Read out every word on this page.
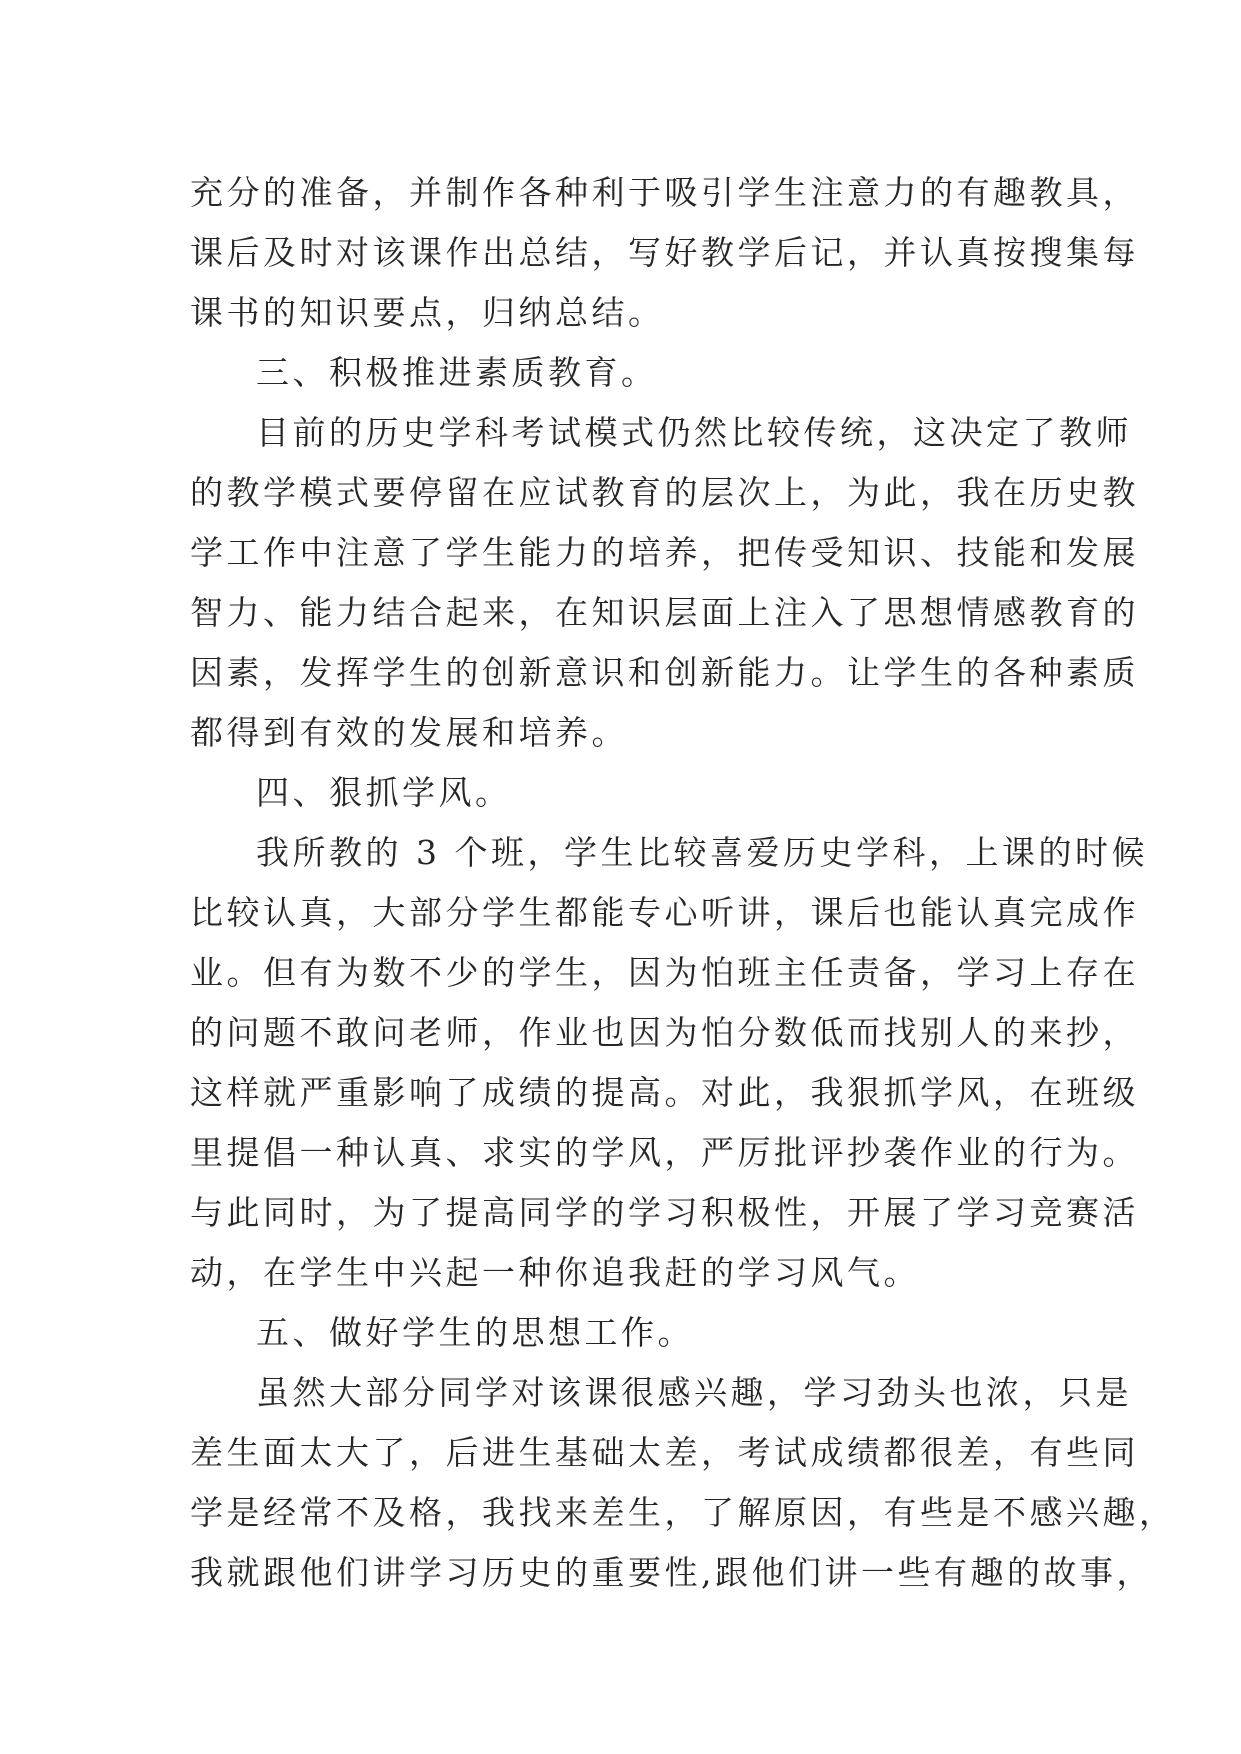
充分的准备，并制作各种利于吸引学生注意力的有趣教具，
课后及时对该课作出总结，写好教学后记，并认真按搜集每
课书的知识要点，归纳总结。
三、积极推进素质教育。
目前的历史学科考试模式仍然比较传统，这决定了教师
的教学模式要停留在应试教育的层次上，为此，我在历史教
学工作中注意了学生能力的培养，把传受知识、技能和发展
智力、能力结合起来，在知识层面上注入了思想情感教育的
因素，发挥学生的创新意识和创新能力。让学生的各种素质
都得到有效的发展和培养。
四、狠抓学风。
我所教的 3 个班，学生比较喜爱历史学科，上课的时候
比较认真，大部分学生都能专心听讲，课后也能认真完成作
业。但有为数不少的学生，因为怕班主任责备，学习上存在
的问题不敢问老师，作业也因为怕分数低而找别人的来抄，
这样就严重影响了成绩的提高。对此，我狠抓学风，在班级
里提倡一种认真、求实的学风，严厉批评抄袭作业的行为。
与此同时，为了提高同学的学习积极性，开展了学习竞赛活
动，在学生中兴起一种你追我赶的学习风气。
五、做好学生的思想工作。
虽然大部分同学对该课很感兴趣，学习劲头也浓，只是
差生面太大了，后进生基础太差，考试成绩都很差，有些同
学是经常不及格，我找来差生，了解原因，有些是不感兴趣，
我就跟他们讲学习历史的重要性,跟他们讲一些有趣的故事，
